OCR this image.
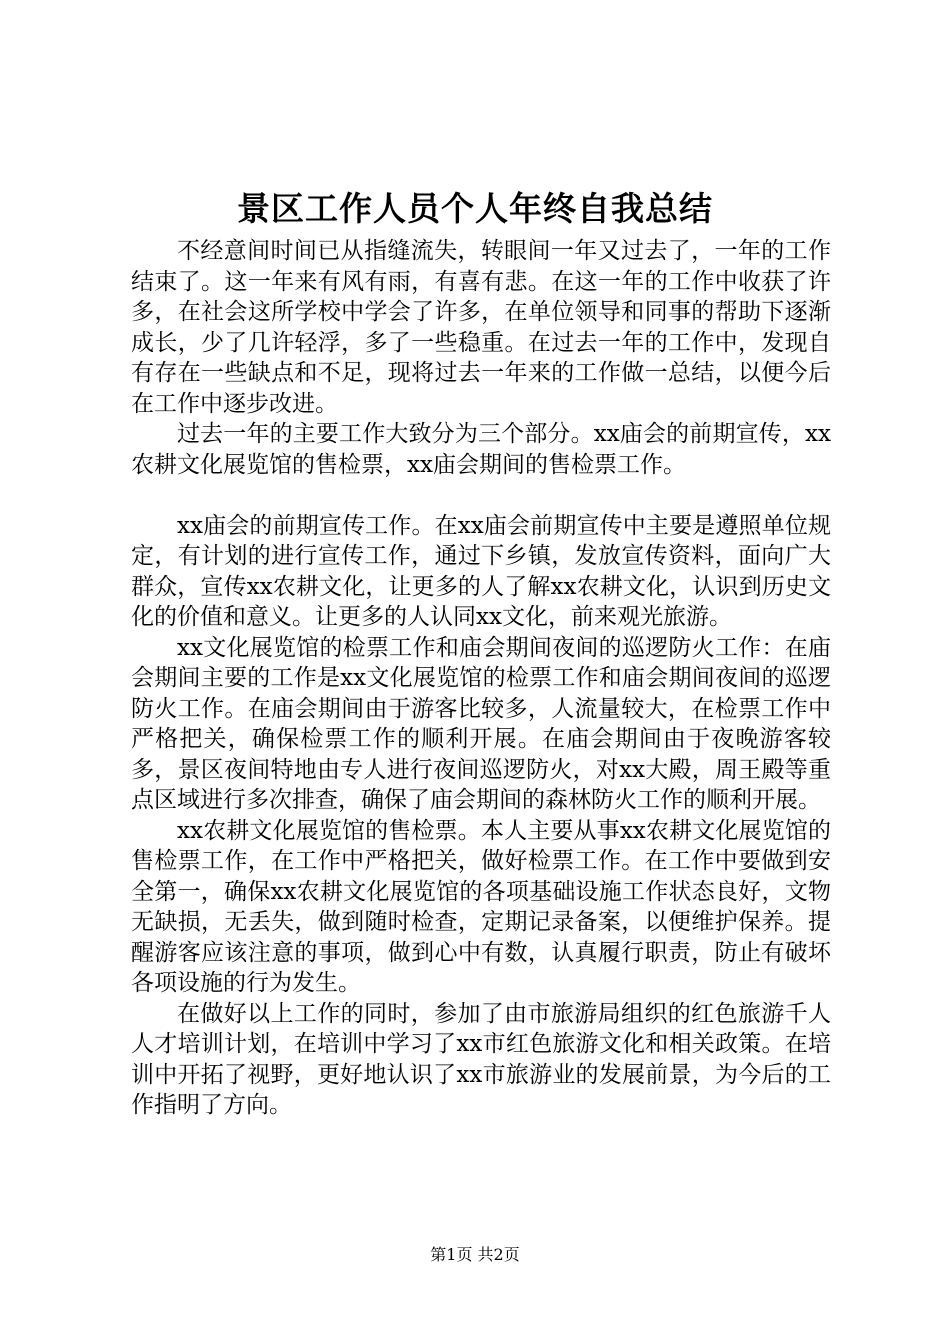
景区工作人员个人年终自我总结

不经意间时间已从指缝流失，转眼间一年又过去了，一年的工作结束了。这一年来有风有雨，有喜有悲。在这一年的工作中收获了许多，在社会这所学校中学会了许多，在单位领导和同事的帮助下逐渐成长，少了几许轻浮，多了一些稳重。在过去一年的工作中，发现自有存在一些缺点和不足，现将过去一年来的工作做一总结，以便今后在工作中逐步改进。

过去一年的主要工作大致分为三个部分。xx庙会的前期宣传，xx农耕文化展览馆的售检票，xx庙会期间的售检票工作。

xx庙会的前期宣传工作。在xx庙会前期宣传中主要是遵照单位规定，有计划的进行宣传工作，通过下乡镇，发放宣传资料，面向广大群众，宣传xx农耕文化，让更多的人了解xx农耕文化，认识到历史文化的价值和意义。让更多的人认同xx文化，前来观光旅游。

xx文化展览馆的检票工作和庙会期间夜间的巡逻防火工作：在庙会期间主要的工作是xx文化展览馆的检票工作和庙会期间夜间的巡逻防火工作。在庙会期间由于游客比较多，人流量较大，在检票工作中严格把关，确保检票工作的顺利开展。在庙会期间由于夜晚游客较多，景区夜间特地由专人进行夜间巡逻防火，对xx大殿，周王殿等重点区域进行多次排查，确保了庙会期间的森林防火工作的顺利开展。

xx农耕文化展览馆的售检票。本人主要从事xx农耕文化展览馆的售检票工作，在工作中严格把关，做好检票工作。在工作中要做到安全第一，确保xx农耕文化展览馆的各项基础设施工作状态良好，文物无缺损，无丢失，做到随时检查，定期记录备案，以便维护保养。提醒游客应该注意的事项，做到心中有数，认真履行职责，防止有破坏各项设施的行为发生。

在做好以上工作的同时，参加了由市旅游局组织的红色旅游千人人才培训计划，在培训中学习了xx市红色旅游文化和相关政策。在培训中开拓了视野，更好地认识了xx市旅游业的发展前景，为今后的工作指明了方向。

第1页 共2页
